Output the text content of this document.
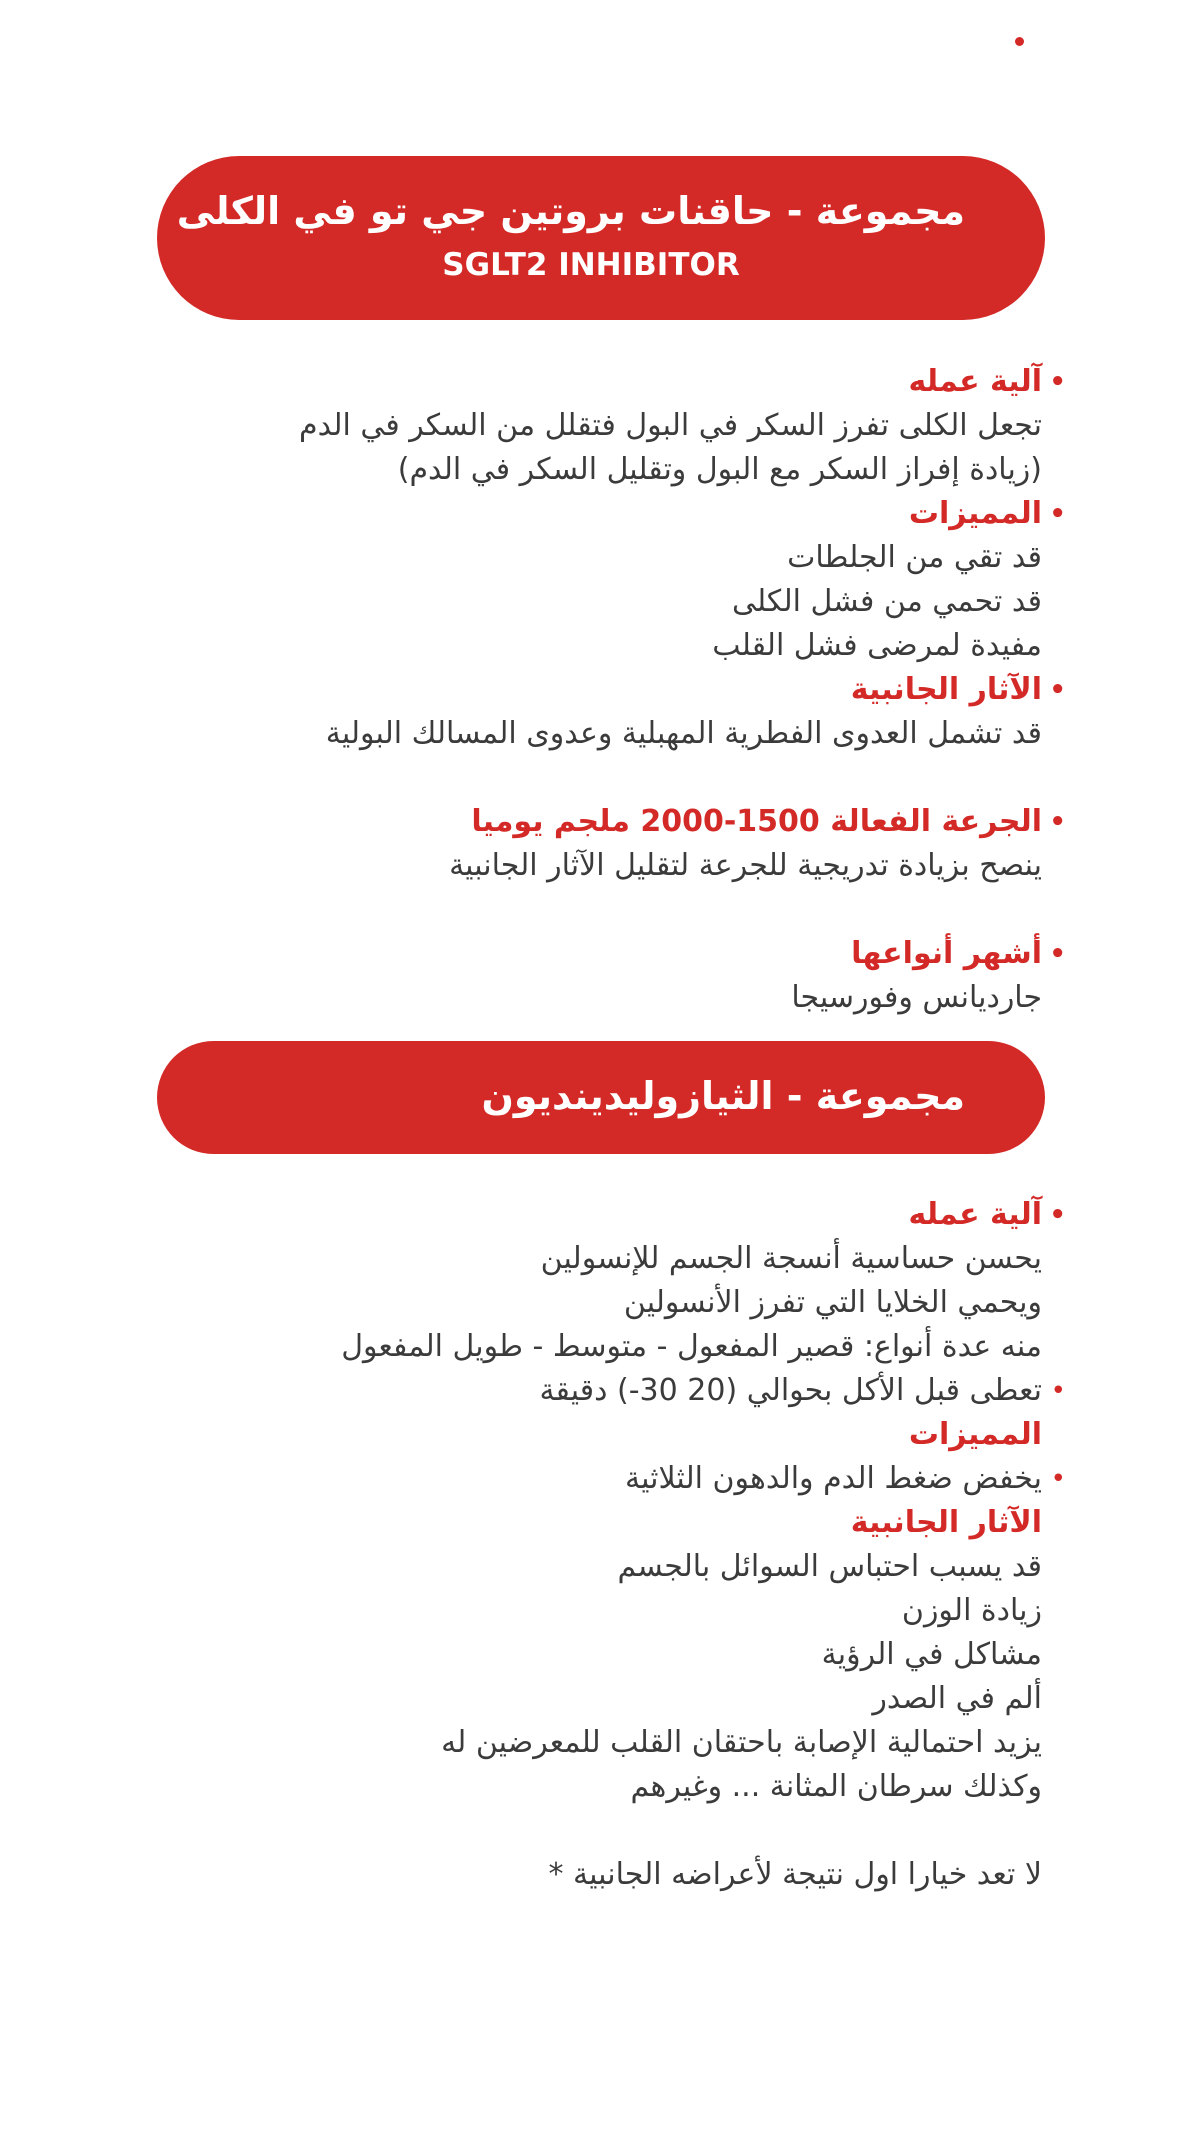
مجموعة - حاقنات بروتين جي تو في الكلى
SGLT2 INHIBITOR
• آلية عمله
تجعل الكلى تفرز السكر في البول فتقلل من السكر في الدم
(زيادة إفراز السكر مع البول وتقليل السكر في الدم)
• المميزات
قد تقي من الجلطات
قد تحمي من فشل الكلى
مفيدة لمرضى فشل القلب
• الآثار الجانبية
قد تشمل العدوى الفطرية المهبلية وعدوى المسالك البولية
• الجرعة الفعالة 1500-2000 ملجم يوميا
ينصح بزيادة تدريجية للجرعة لتقليل الآثار الجانبية
• أشهر أنواعها
جارديانس وفورسيجا
مجموعة - الثيازوليدينديون
• آلية عمله
يحسن حساسية أنسجة الجسم للإنسولين
ويحمي الخلايا التي تفرز الأنسولين
منه عدة أنواع: قصير المفعول - متوسط - طويل المفعول
• تعطى قبل الأكل بحوالي (20 30-) دقيقة
المميزات
• يخفض ضغط الدم والدهون الثلاثية
الآثار الجانبية
قد يسبب احتباس السوائل بالجسم
زيادة الوزن
مشاكل في الرؤية
ألم في الصدر
يزيد احتمالية الإصابة باحتقان القلب للمعرضين له
وكذلك سرطان المثانة ... وغيرهم
لا تعد خيارا اول نتيجة لأعراضه الجانبية *
